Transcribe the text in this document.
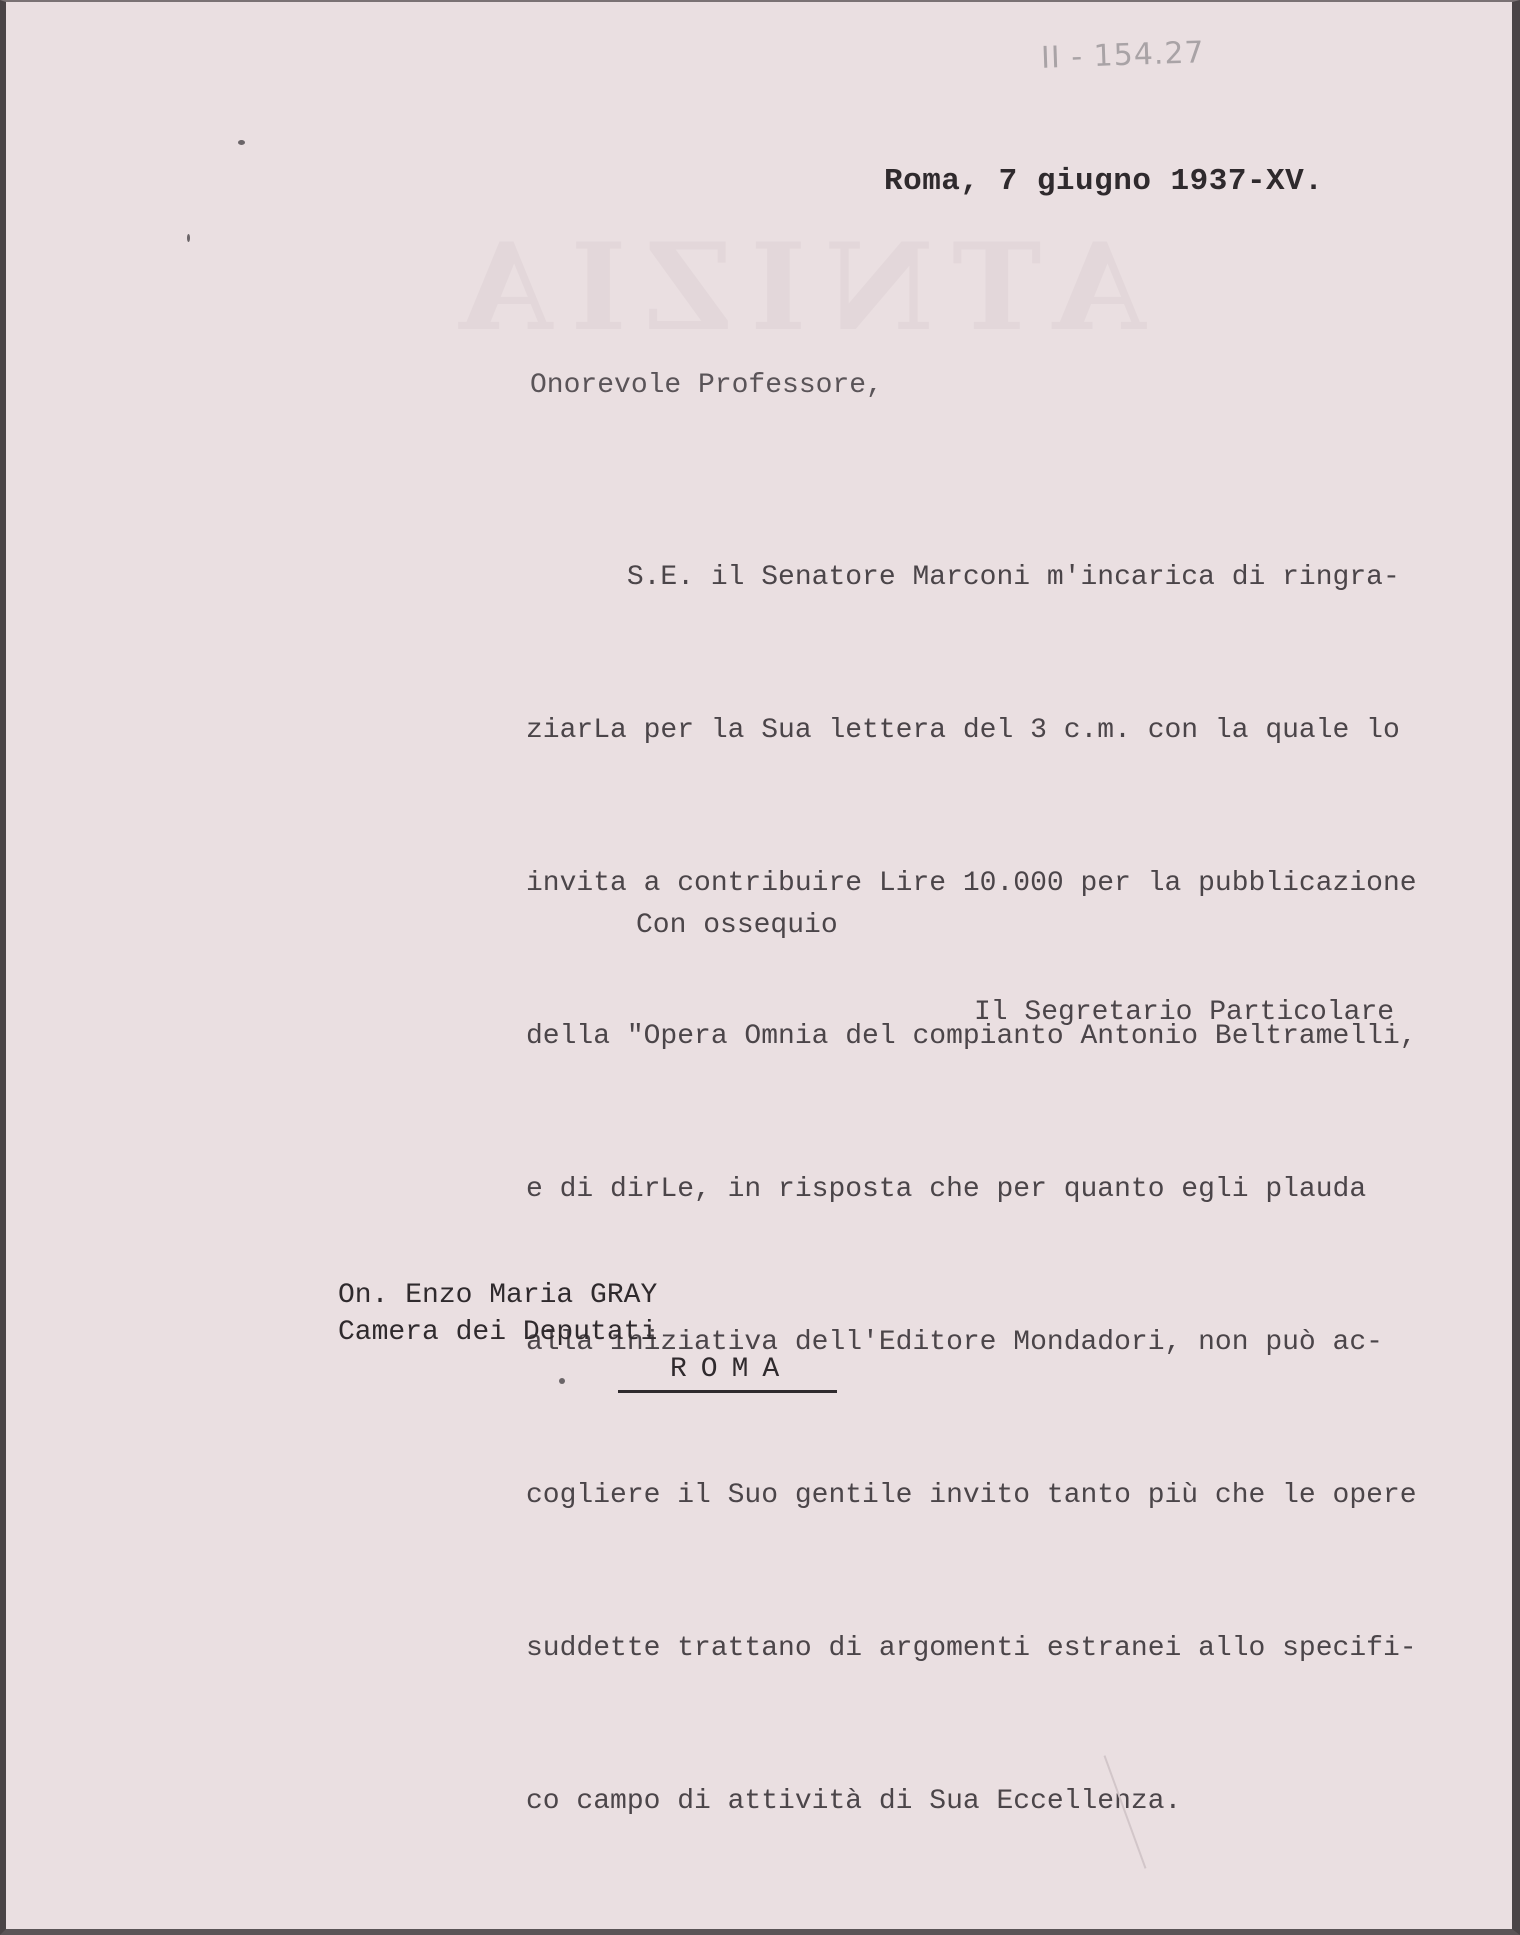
II - 154.27
ATNIZIA
Roma, 7 giugno 1937-XV.
Onorevole Professore,

S.E. il Senatore Marconi m'incarica di ringra-

ziarLa per la Sua lettera del 3 c.m. con la quale lo

invita a contribuire Lire 10.000 per la pubblicazione

della "Opera Omnia del compianto Antonio Beltramelli,

e di dirLe, in risposta che per quanto egli plauda

alla iniziativa dell'Editore Mondadori, non può ac-

cogliere il Suo gentile invito tanto più che le opere

suddette trattano di argomenti estranei allo specifi-

co campo di attività di Sua Eccellenza.

Con ossequio
Il Segretario Particolare
On. Enzo Maria GRAY
Camera dei Deputati
ROMA
